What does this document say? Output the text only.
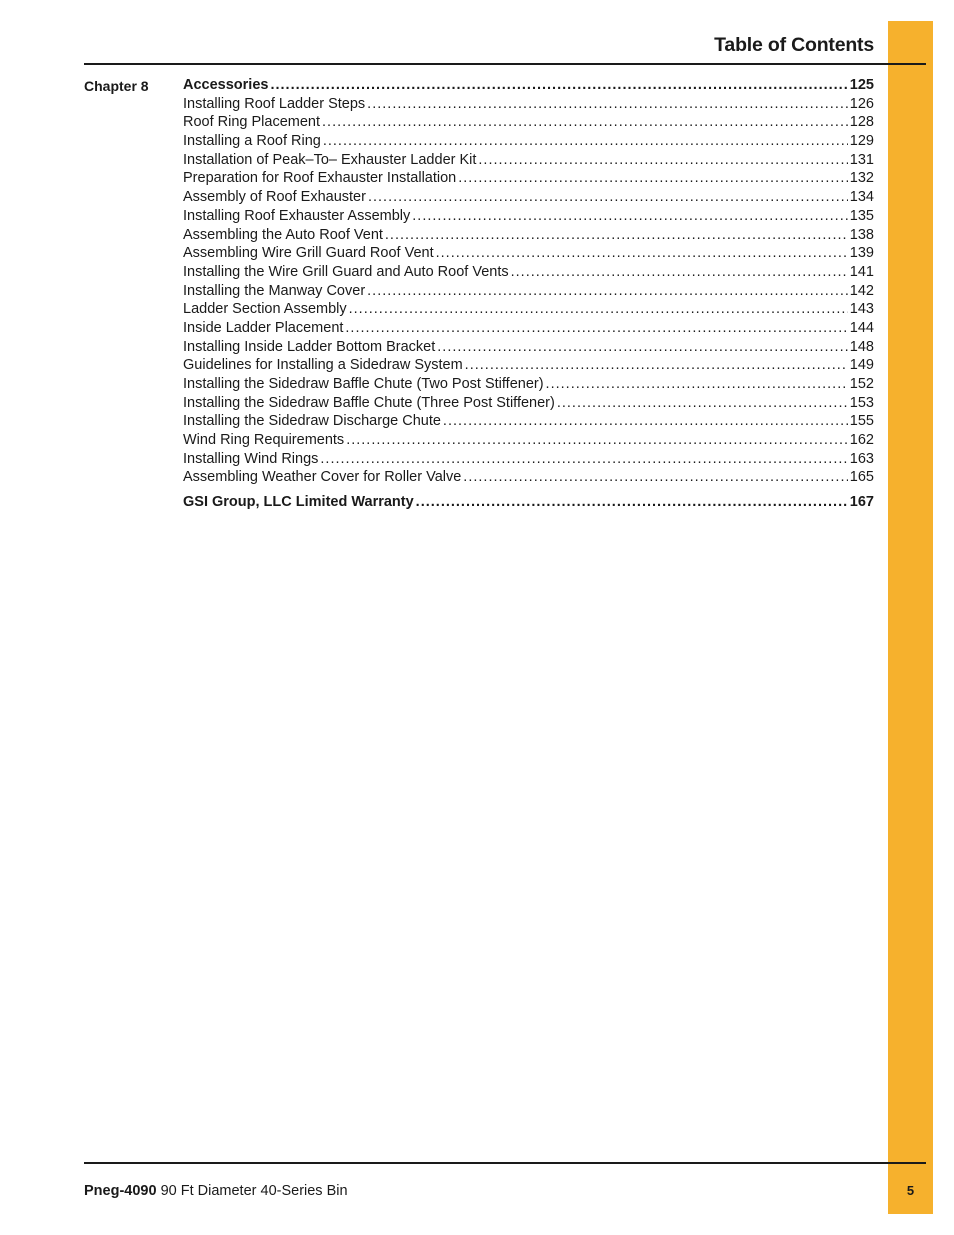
Table of Contents
Chapter 8 Accessories .....	125
Installing Roof Ladder Steps .....	126
Roof Ring Placement .....	128
Installing a Roof Ring .....	129
Installation of Peak–To– Exhauster Ladder Kit .....	131
Preparation for Roof Exhauster Installation .....	132
Assembly of Roof Exhauster .....	134
Installing Roof Exhauster Assembly .....	135
Assembling the Auto Roof Vent .....	138
Assembling Wire Grill Guard Roof Vent .....	139
Installing the Wire Grill Guard and Auto Roof Vents .....	141
Installing the Manway Cover .....	142
Ladder Section Assembly .....	143
Inside Ladder Placement .....	144
Installing Inside Ladder Bottom Bracket .....	148
Guidelines for Installing a Sidedraw System .....	149
Installing the Sidedraw Baffle Chute (Two Post Stiffener) .....	152
Installing the Sidedraw Baffle Chute (Three Post Stiffener) .....	153
Installing the Sidedraw Discharge Chute .....	155
Wind Ring Requirements .....	162
Installing Wind Rings .....	163
Assembling Weather Cover for Roller Valve .....	165
GSI Group, LLC Limited Warranty .....	167
Pneg-4090 90 Ft Diameter 40-Series Bin	5
